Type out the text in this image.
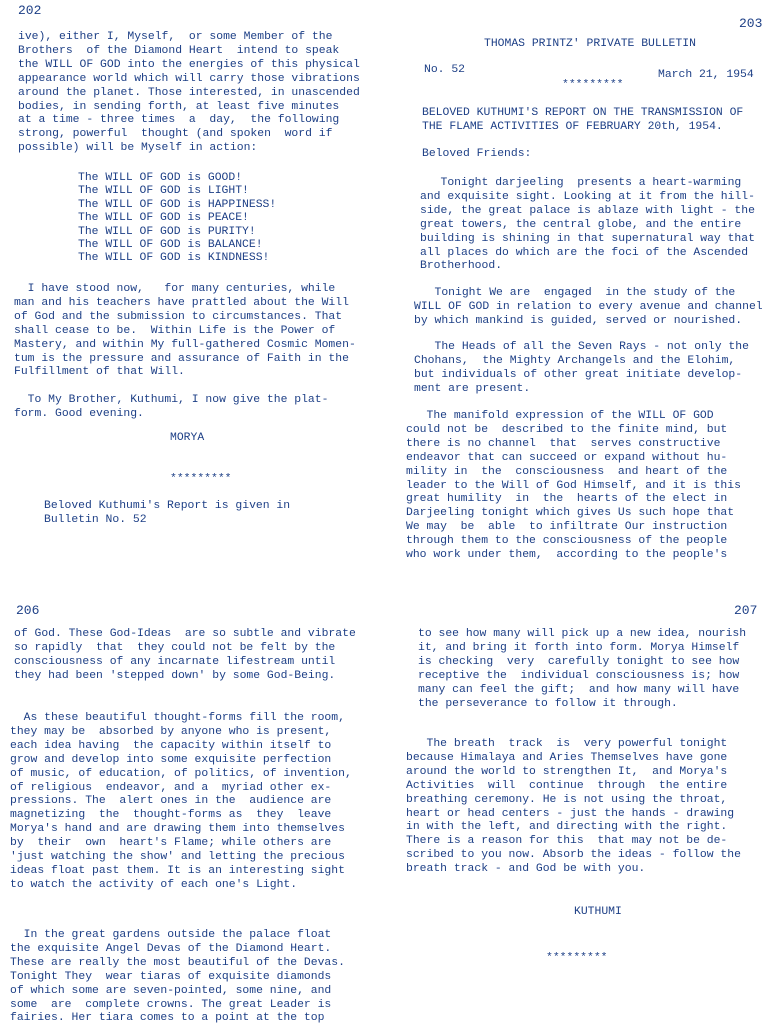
202
ive), either I, Myself,  or some Member of the
Brothers  of the Diamond Heart  intend to speak
the WILL OF GOD into the energies of this physical
appearance world which will carry those vibrations
around the planet. Those interested, in unascended
bodies, in sending forth, at least five minutes
at a time - three times  a  day,  the following
strong, powerful  thought (and spoken  word if
possible) will be Myself in action:
The WILL OF GOD is GOOD!
The WILL OF GOD is LIGHT!
The WILL OF GOD is HAPPINESS!
The WILL OF GOD is PEACE!
The WILL OF GOD is PURITY!
The WILL OF GOD is BALANCE!
The WILL OF GOD is KINDNESS!
I have stood now,   for many centuries, while
man and his teachers have prattled about the Will
of God and the submission to circumstances. That
shall cease to be.  Within Life is the Power of
Mastery, and within My full-gathered Cosmic Momen-
tum is the pressure and assurance of Faith in the
Fulfillment of that Will.
To My Brother, Kuthumi, I now give the plat-
form. Good evening.
MORYA
*********
Beloved Kuthumi's Report is given in
Bulletin No. 52
203
THOMAS PRINTZ' PRIVATE BULLETIN
No. 52	March 21, 1954
*********
BELOVED KUTHUMI'S REPORT ON THE TRANSMISSION OF
THE FLAME ACTIVITIES OF FEBRUARY 20th, 1954.
Beloved Friends:
Tonight darjeeling  presents a heart-warming
and exquisite sight. Looking at it from the hill-
side, the great palace is ablaze with light - the
great towers, the central globe, and the entire
building is shining in that supernatural way that
all places do which are the foci of the Ascended
Brotherhood.
Tonight We are  engaged  in the study of the
WILL OF GOD in relation to every avenue and channel
by which mankind is guided, served or nourished.
The Heads of all the Seven Rays - not only the
Chohans,  the Mighty Archangels and the Elohim,
but individuals of other great initiate develop-
ment are present.
The manifold expression of the WILL OF GOD
could not be  described to the finite mind, but
there is no channel  that  serves constructive
endeavor that can succeed or expand without hu-
mility in  the  consciousness  and heart of the
leader to the Will of God Himself, and it is this
great humility  in  the  hearts of the elect in
Darjeeling tonight which gives Us such hope that
We may  be  able  to infiltrate Our instruction
through them to the consciousness of the people
who work under them,  according to the people's
206
of God. These God-Ideas  are so subtle and vibrate
so rapidly  that  they could not be felt by the
consciousness of any incarnate lifestream until
they had been 'stepped down' by some God-Being.
As these beautiful thought-forms fill the room,
they may be  absorbed by anyone who is present,
each idea having  the capacity within itself to
grow and develop into some exquisite perfection
of music, of education, of politics, of invention,
of religious  endeavor, and a  myriad other ex-
pressions. The  alert ones in the  audience are
magnetizing  the  thought-forms as  they  leave
Morya's hand and are drawing them into themselves
by  their  own  heart's Flame; while others are
'just watching the show' and letting the precious
ideas float past them. It is an interesting sight
to watch the activity of each one's Light.
In the great gardens outside the palace float
the exquisite Angel Devas of the Diamond Heart.
These are really the most beautiful of the Devas.
Tonight They  wear tiaras of exquisite diamonds
of which some are seven-pointed, some nine, and
some  are  complete crowns. The great Leader is
fairies. Her tiara comes to a point at the top
207
to see how many will pick up a new idea, nourish
it, and bring it forth into form. Morya Himself
is checking  very  carefully tonight to see how
receptive the  individual consciousness is; how
many can feel the gift;  and how many will have
the perseverance to follow it through.
The breath  track  is  very powerful tonight
because Himalaya and Aries Themselves have gone
around the world to strengthen It,  and Morya's
Activities  will  continue  through  the entire
breathing ceremony. He is not using the throat,
heart or head centers - just the hands - drawing
in with the left, and directing with the right.
There is a reason for this  that may not be de-
scribed to you now. Absorb the ideas - follow the
breath track - and God be with you.
KUTHUMI
*********
